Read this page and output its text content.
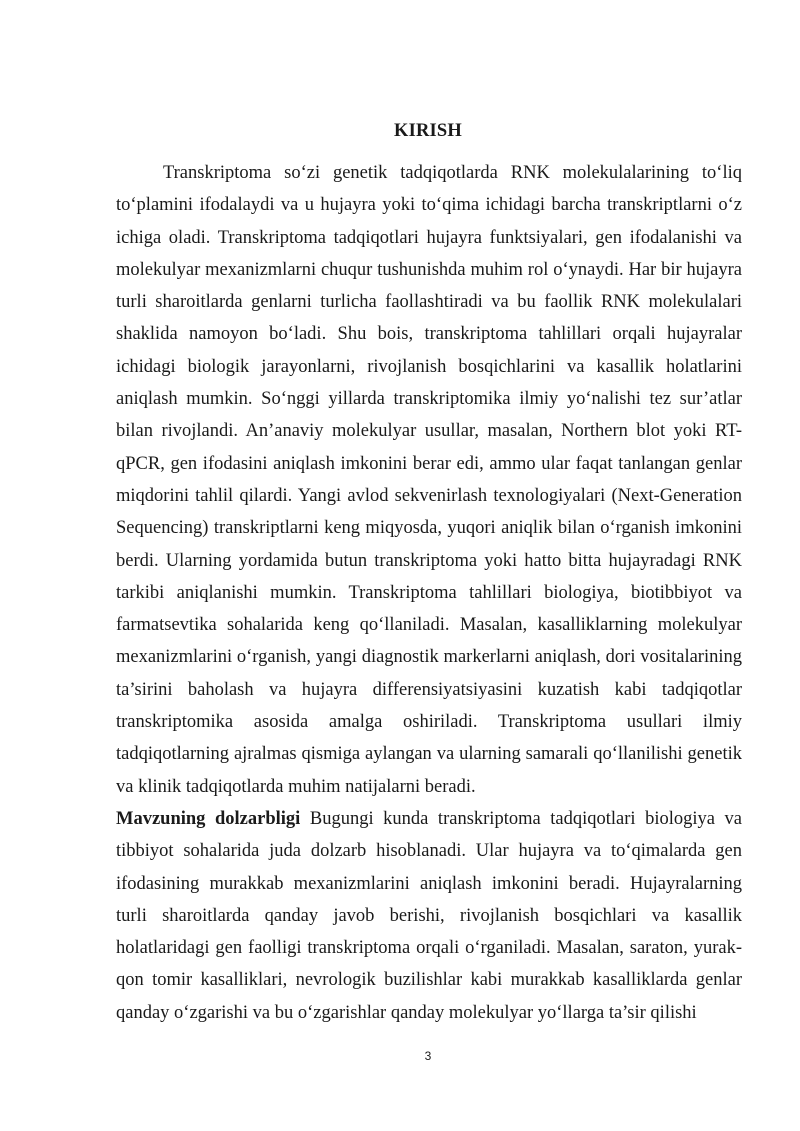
KIRISH

Transkriptoma so‘zi genetik tadqiqotlarda RNK molekulalarining to‘liq to‘plamini ifodalaydi va u hujayra yoki to‘qima ichidagi barcha transkriptlarni o‘z ichiga oladi. Transkriptoma tadqiqotlari hujayra funktsiyalari, gen ifodalanishi va molekulyar mexanizmlarni chuqur tushunishda muhim rol o‘ynaydi. Har bir hujayra turli sharoitlarda genlarni turlicha faollashtiradi va bu faollik RNK molekulalari shaklida namoyon bo‘ladi. Shu bois, transkriptoma tahlillari orqali hujayralar ichidagi biologik jarayonlarni, rivojlanish bosqichlarini va kasallik holatlarini aniqlash mumkin. So‘nggi yillarda transkriptomika ilmiy yo‘nalishi tez sur’atlar bilan rivojlandi. An’anaviy molekulyar usullar, masalan, Northern blot yoki RT-qPCR, gen ifodasini aniqlash imkonini berar edi, ammo ular faqat tanlangan genlar miqdorini tahlil qilardi. Yangi avlod sekvenirlash texnologiyalari (Next-Generation Sequencing) transkriptlarni keng miqyosda, yuqori aniqlik bilan o‘rganish imkonini berdi. Ularning yordamida butun transkriptoma yoki hatto bitta hujayradagi RNK tarkibi aniqlanishi mumkin. Transkriptoma tahlillari biologiya, biotibbiyot va farmatsevtika sohalarida keng qo‘llaniladi. Masalan, kasalliklarning molekulyar mexanizmlarini o‘rganish, yangi diagnostik markerlarni aniqlash, dori vositalarining ta’sirini baholash va hujayra differensiyatsiyasini kuzatish kabi tadqiqotlar transkriptomika asosida amalga oshiriladi. Transkriptoma usullari ilmiy tadqiqotlarning ajralmas qismiga aylangan va ularning samarali qo‘llanilishi genetik va klinik tadqiqotlarda muhim natijalarni beradi.

Mavzuning dolzarbligi Bugungi kunda transkriptoma tadqiqotlari biologiya va tibbiyot sohalarida juda dolzarb hisoblanadi. Ular hujayra va to‘qimalarda gen ifodasining murakkab mexanizmlarini aniqlash imkonini beradi. Hujayralarning turli sharoitlarda qanday javob berishi, rivojlanish bosqichlari va kasallik holatlaridagi gen faolligi transkriptoma orqali o‘rganiladi. Masalan, saraton, yurak-qon tomir kasalliklari, nevrologik buzilishlar kabi murakkab kasalliklarda genlar qanday o‘zgarishi va bu o‘zgarishlar qanday molekulyar yo‘llarga ta’sir qilishi

3
